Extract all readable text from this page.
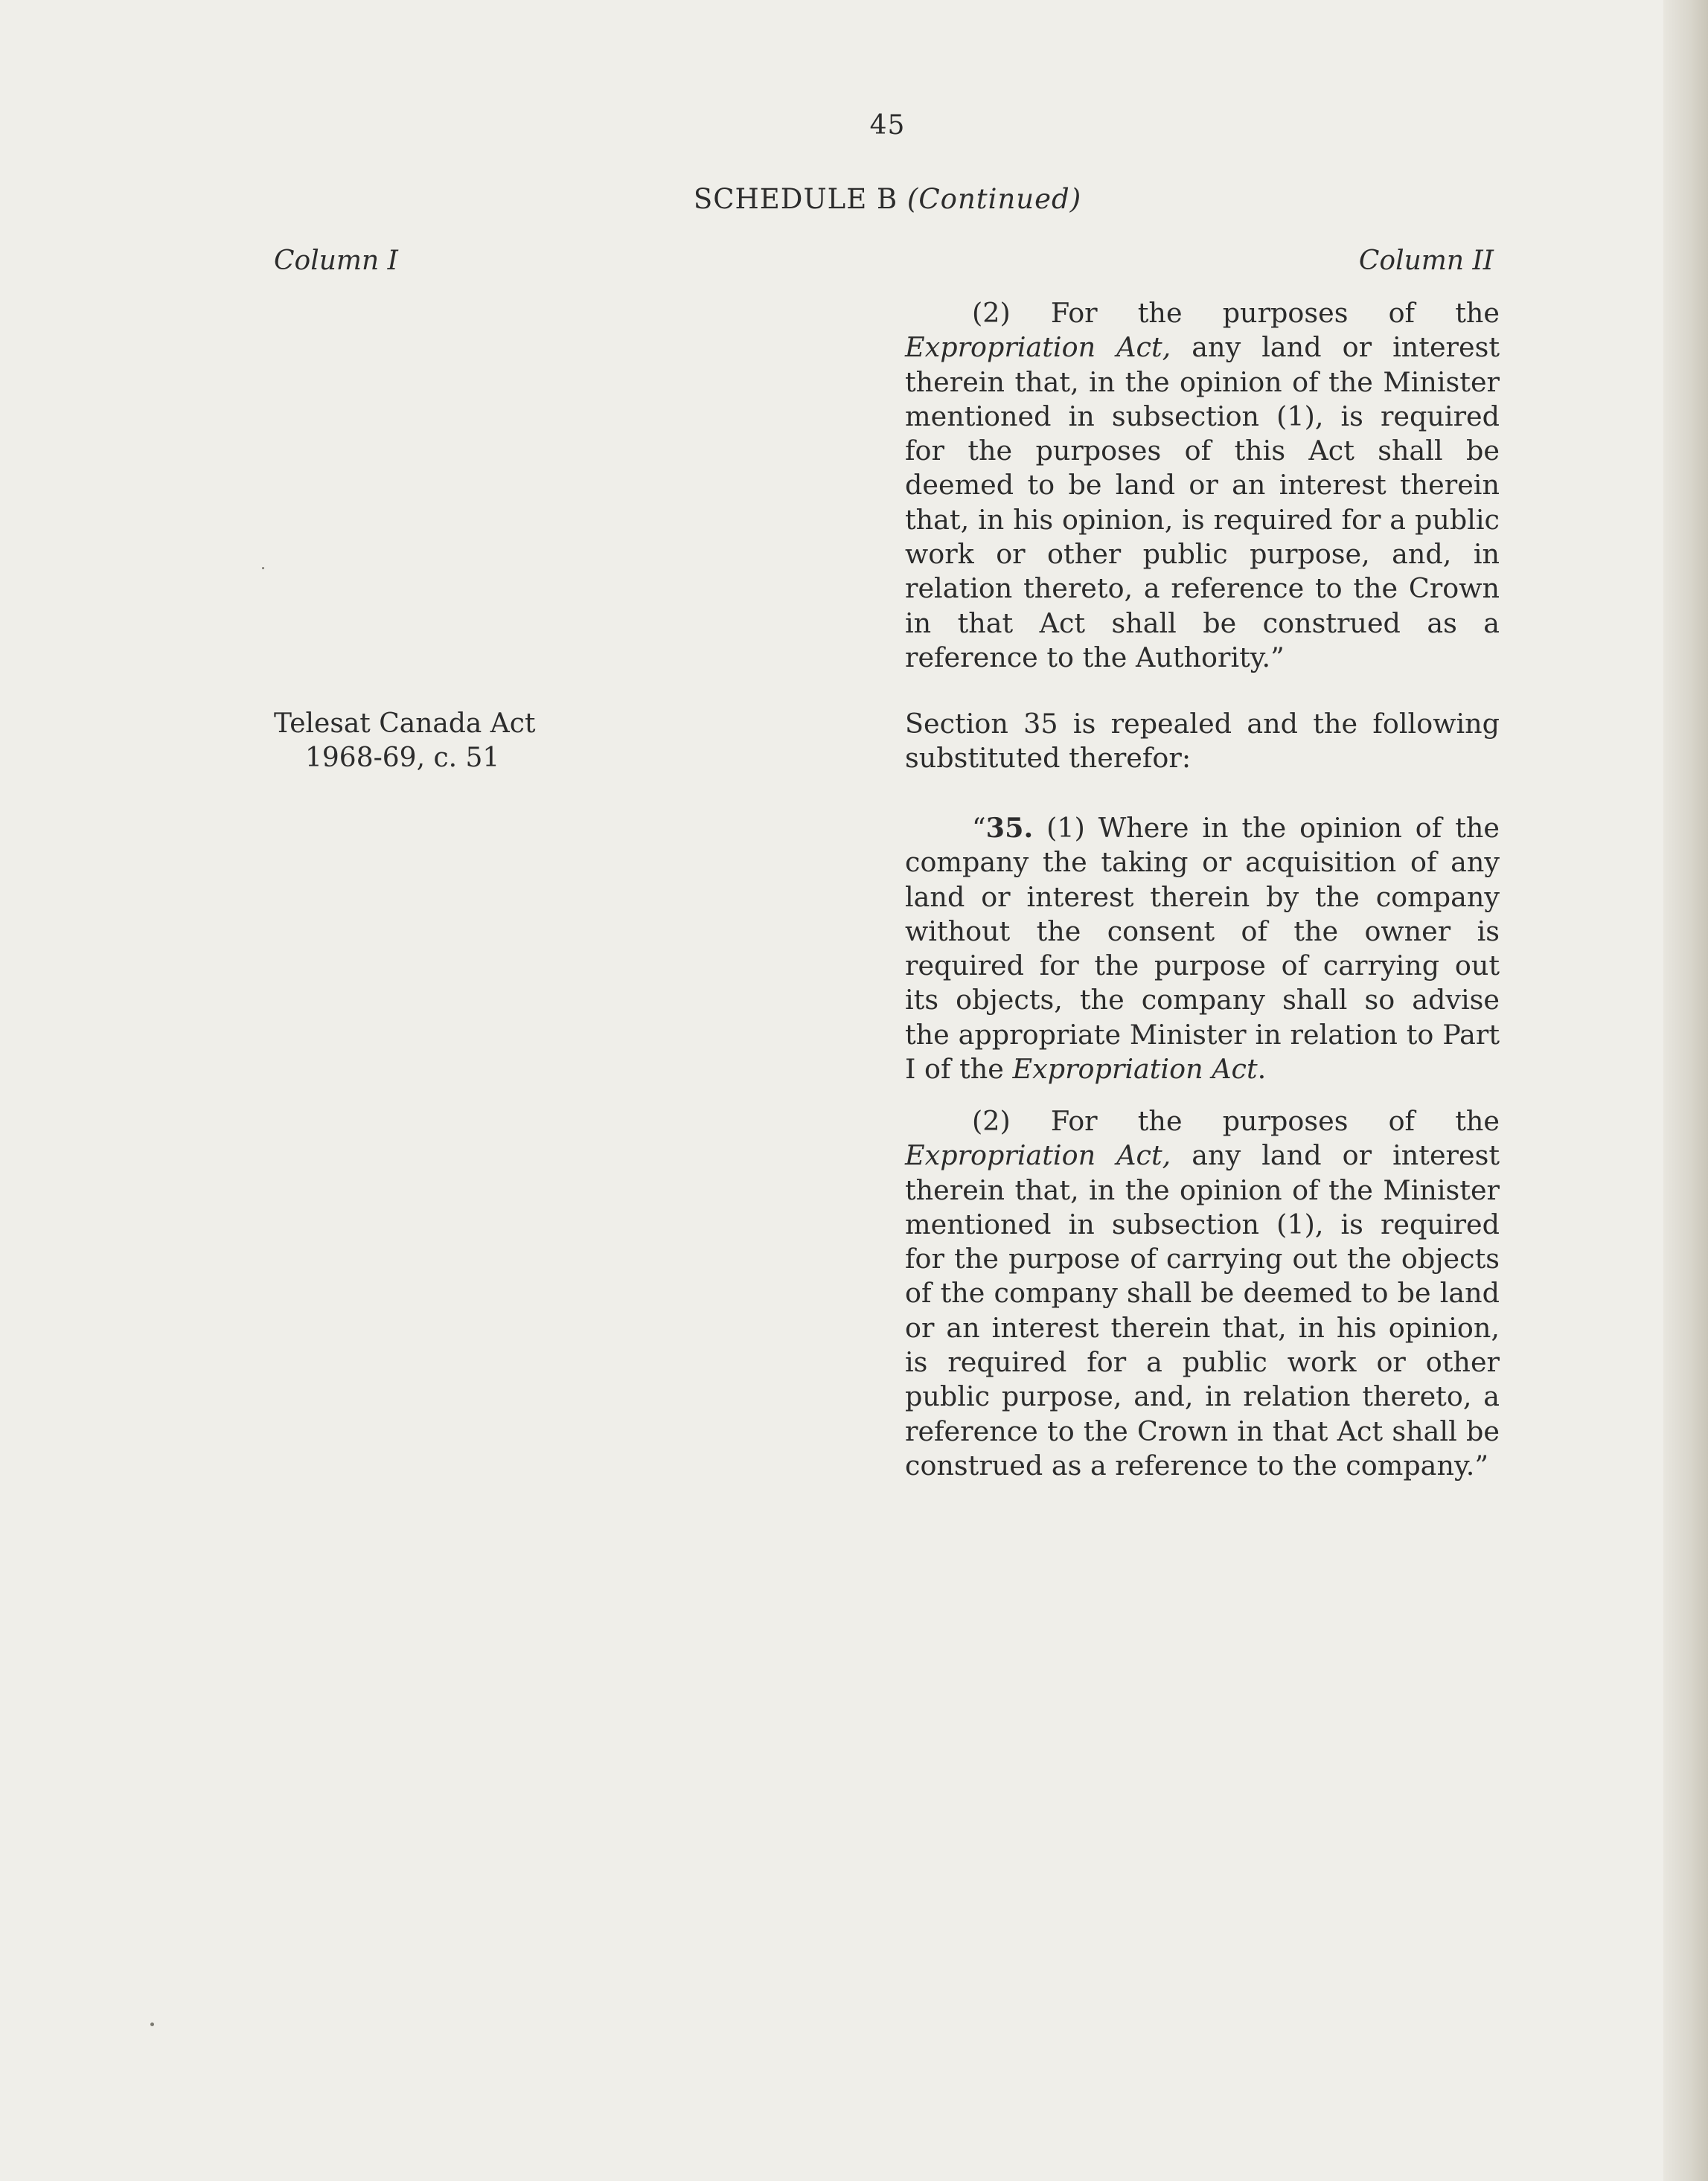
45
SCHEDULE B (Continued)
Column I	Column II

(2) For the purposes of the Expropriation Act, any land or interest therein that, in the opinion of the Minister mentioned in subsection (1), is required for the purposes of this Act shall be deemed to be land or an interest therein that, in his opinion, is required for a public work or other public purpose, and, in relation thereto, a reference to the Crown in that Act shall be construed as a reference to the Authority.”

Telesat Canada Act
1968-69, c. 51

Section 35 is repealed and the following substituted therefor:

“35. (1) Where in the opinion of the company the taking or acquisition of any land or interest therein by the company without the consent of the owner is required for the purpose of carrying out its objects, the company shall so advise the appropriate Minister in relation to Part I of the Expropriation Act.

(2) For the purposes of the Expropriation Act, any land or interest therein that, in the opinion of the Minister mentioned in subsection (1), is required for the purpose of carrying out the objects of the company shall be deemed to be land or an interest therein that, in his opinion, is required for a public work or other public purpose, and, in relation thereto, a reference to the Crown in that Act shall be construed as a reference to the company.”
